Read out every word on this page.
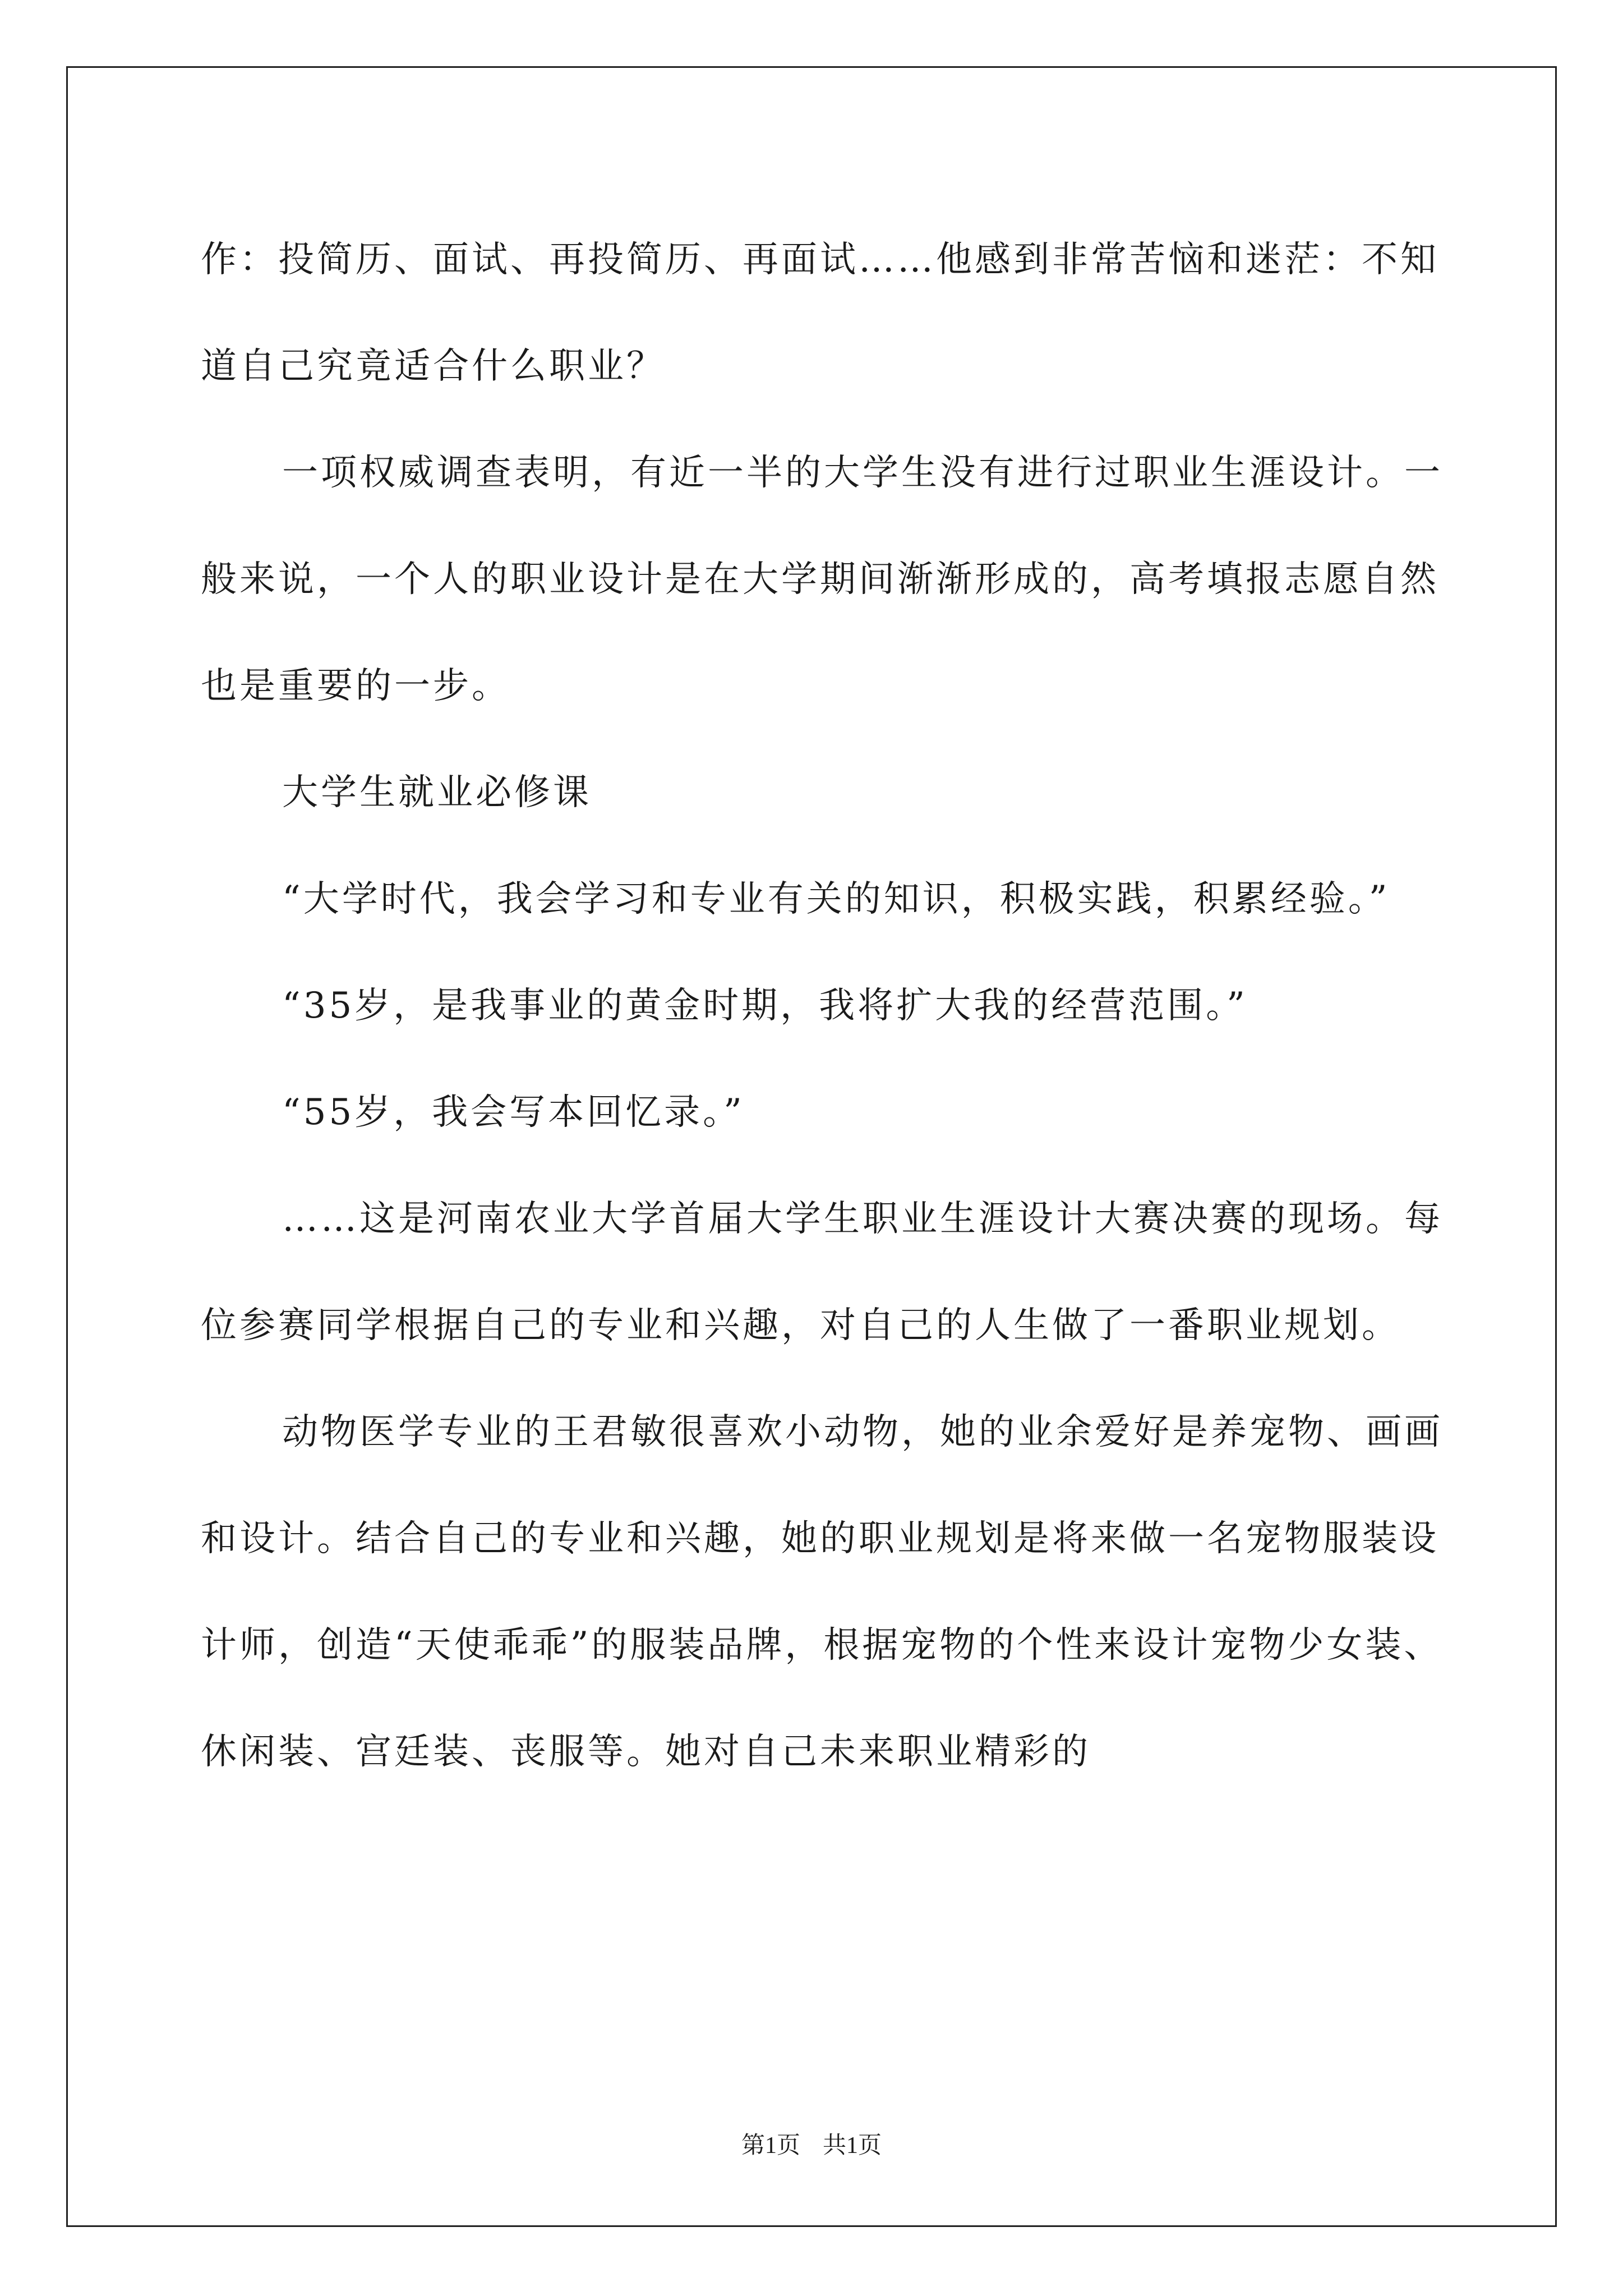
作：投简历、面试、再投简历、再面试……他感到非常苦恼和迷茫：不知道自己究竟适合什么职业？

一项权威调查表明，有近一半的大学生没有进行过职业生涯设计。一般来说，一个人的职业设计是在大学期间渐渐形成的，高考填报志愿自然也是重要的一步。

大学生就业必修课

“大学时代，我会学习和专业有关的知识，积极实践，积累经验。”

“35岁，是我事业的黄金时期，我将扩大我的经营范围。”

“55岁，我会写本回忆录。”

……这是河南农业大学首届大学生职业生涯设计大赛决赛的现场。每位参赛同学根据自己的专业和兴趣，对自己的人生做了一番职业规划。

动物医学专业的王君敏很喜欢小动物，她的业余爱好是养宠物、画画和设计。结合自己的专业和兴趣，她的职业规划是将来做一名宠物服装设计师，创造“天使乖乖”的服装品牌，根据宠物的个性来设计宠物少女装、休闲装、宫廷装、丧服等。她对自己未来职业精彩的

第1页 共1页
